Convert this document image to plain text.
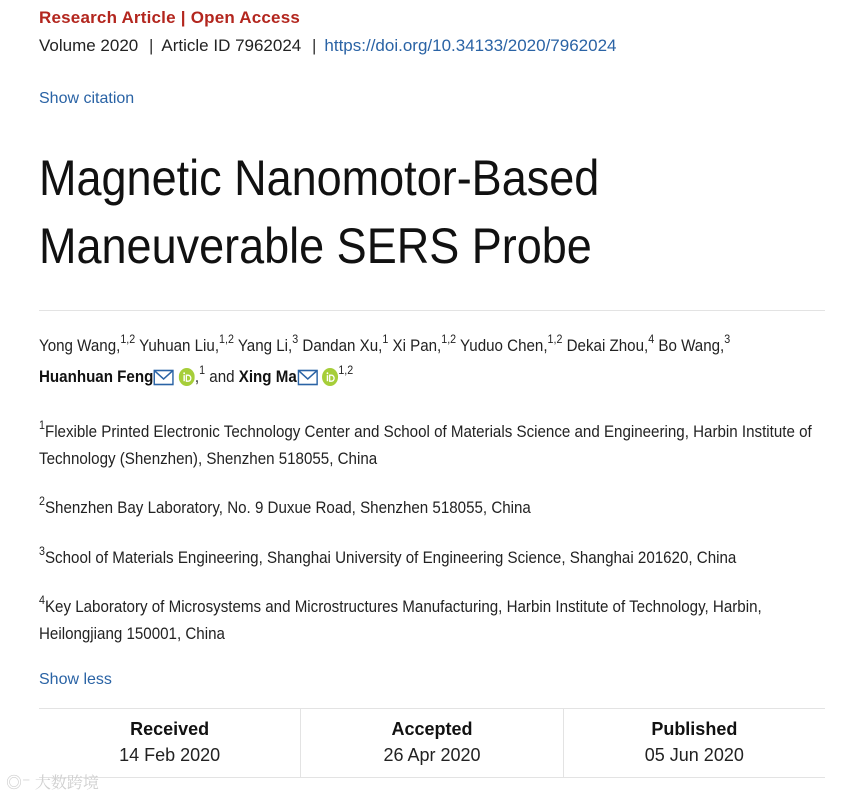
Research Article | Open Access
Volume 2020 | Article ID 7962024 | https://doi.org/10.34133/2020/7962024
Show citation
Magnetic Nanomotor-Based
Maneuverable SERS Probe
Yong Wang,$^{1,2}$ Yuhuan Liu,$^{1,2}$ Yang Li,$^3$ Dandan Xu,$^1$ Xi Pan,$^{1,2}$ Yuduo Chen,$^{1,2}$ Dekai Zhou,$^4$ Bo Wang,$^3$
Huanhuan Feng ,$^1$ and Xing Ma	$^{1,2}$
$^1$Flexible Printed Electronic Technology Center and School of Materials Science and Engineering, Harbin Institute of Technology (Shenzhen), Shenzhen 518055, China
$^2$Shenzhen Bay Laboratory, No. 9 Duxue Road, Shenzhen 518055, China
$^3$School of Materials Engineering, Shanghai University of Engineering Science, Shanghai 201620, China
$^4$Key Laboratory of Microsystems and Microstructures Manufacturing, Harbin Institute of Technology, Harbin, Heilongjiang 150001, China
Show less
Received
14 Feb 2020
Accepted
26 Apr 2020
Published
05 Jun 2020
◎⁻ 大数跨境
